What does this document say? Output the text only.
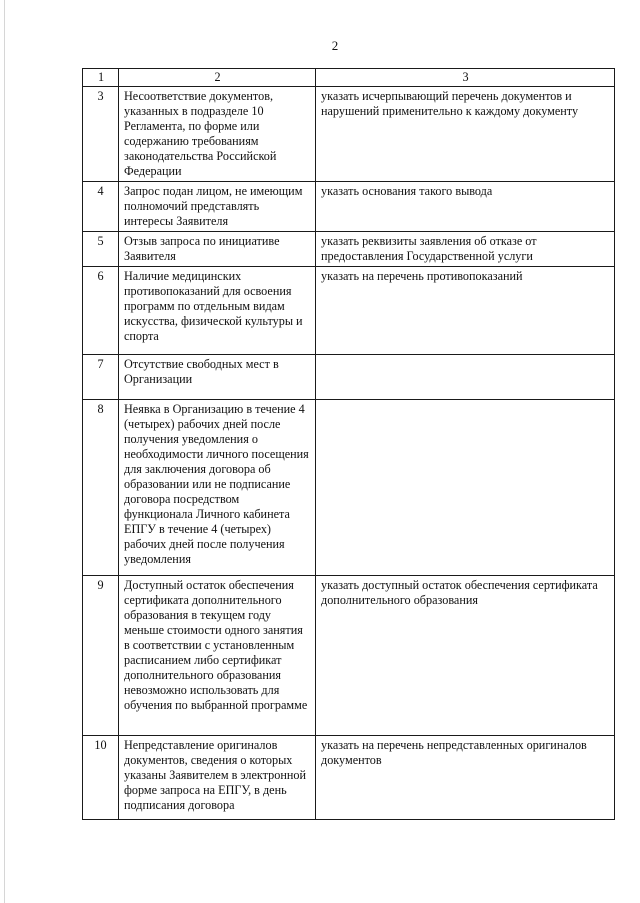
2
1	2	3
3	Несоответствие документов, указанных в подразделе 10 Регламента, по форме или содержанию требованиям законодательства Российской Федерации	указать исчерпывающий перечень документов и нарушений применительно к каждому документу
4	Запрос подан лицом, не имеющим полномочий представлять интересы Заявителя	указать основания такого вывода
5	Отзыв запроса по инициативе Заявителя	указать реквизиты заявления об отказе от предоставления Государственной услуги
6	Наличие медицинских противопоказаний для освоения программ по отдельным видам искусства, физической культуры и спорта	указать на перечень противопоказаний
7	Отсутствие свободных мест в Организации	
8	Неявка в Организацию в течение 4 (четырех) рабочих дней после получения уведомления о необходимости личного посещения для заключения договора об образовании или не подписание договора посредством функционала Личного кабинета ЕПГУ в течение 4 (четырех) рабочих дней после получения уведомления	
9	Доступный остаток обеспечения сертификата дополнительного образования в текущем году меньше стоимости одного занятия в соответствии с установленным расписанием либо сертификат дополнительного образования невозможно использовать для обучения по выбранной программе	указать доступный остаток обеспечения сертификата дополнительного образования
10	Непредставление оригиналов документов, сведения о которых указаны Заявителем в электронной форме запроса на ЕПГУ, в день подписания договора	указать на перечень непредставленных оригиналов документов
